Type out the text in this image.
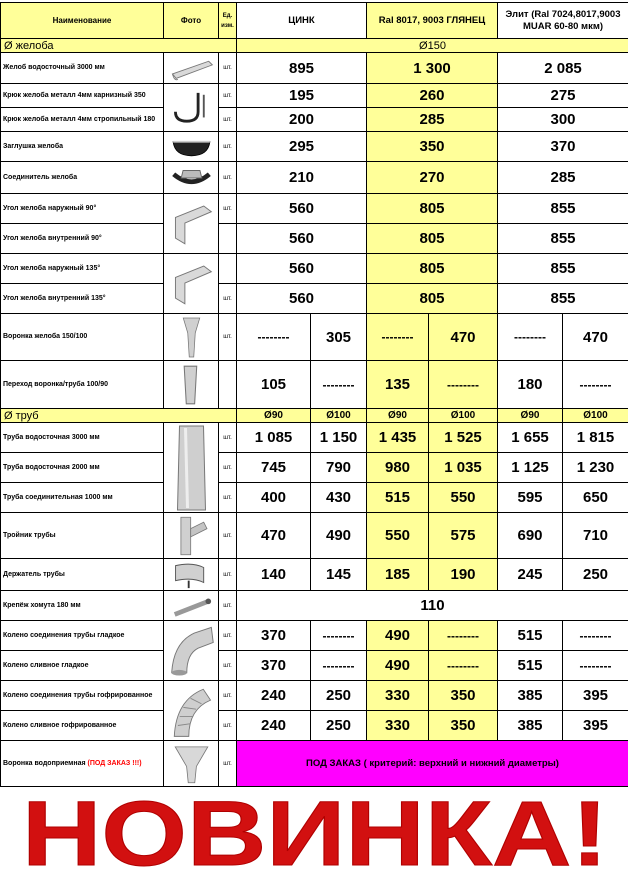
Наименование	Фото	Ед. изм.	ЦИНК	Ral 8017, 9003 ГЛЯНЕЦ
Элит (Ral 7024,8017,9003 MUAR 60-80 мкм)
Ø желоба	Ø150
Желоб водосточный 3000 мм	шт.	895	1 300	2 085
Крюк желоба металл 4мм карнизный 350	шт.	195	260	275
Крюк желоба металл 4мм стропильный 180	шт.	200	285	300
Заглушка желоба	шт.	295	350	370
Соединитель желоба	шт.	210	270	285
Угол желоба наружный 90°	шт.	560	805	855
Угол желоба внутренний 90°	560	805	855
Угол желоба наружный 135°	560	805	855
Угол желоба внутренний 135°	шт.	560	805	855
Воронка желоба 150/100	шт.	--------	305	--------	470	--------	470
Переход воронка/труба 100/90	105	--------	135	--------	180	--------
Ø труб	Ø90	Ø100	Ø90	Ø100	Ø90	Ø100
Труба водосточная 3000 мм	шт.	1 085	1 150	1 435	1 525	1 655	1 815
Труба водосточная 2000 мм	шт.	745	790	980	1 035	1 125	1 230
Труба соединительная 1000 мм	шт.	400	430	515	550	595	650
Тройник трубы	шт.	470	490	550	575	690	710
Держатель трубы	шт.	140	145	185	190	245	250
Крепёж хомута 180 мм	шт.	110
Колено соединения трубы гладкое	шт.	370	--------	490	--------	515	--------
Колено сливное гладкое	шт.	370	--------	490	--------	515	--------
Колено соединения трубы гофрированное	шт.	240	250	330	350	385	395
Колено сливное гофрированное	шт.	240	250	330	350	385	395
Воронка водоприемная
(ПОД ЗАКАЗ !!!)	шт.	ПОД ЗАКАЗ ( критерий: верхний и нижний диаметры)
НОВИНКА!
